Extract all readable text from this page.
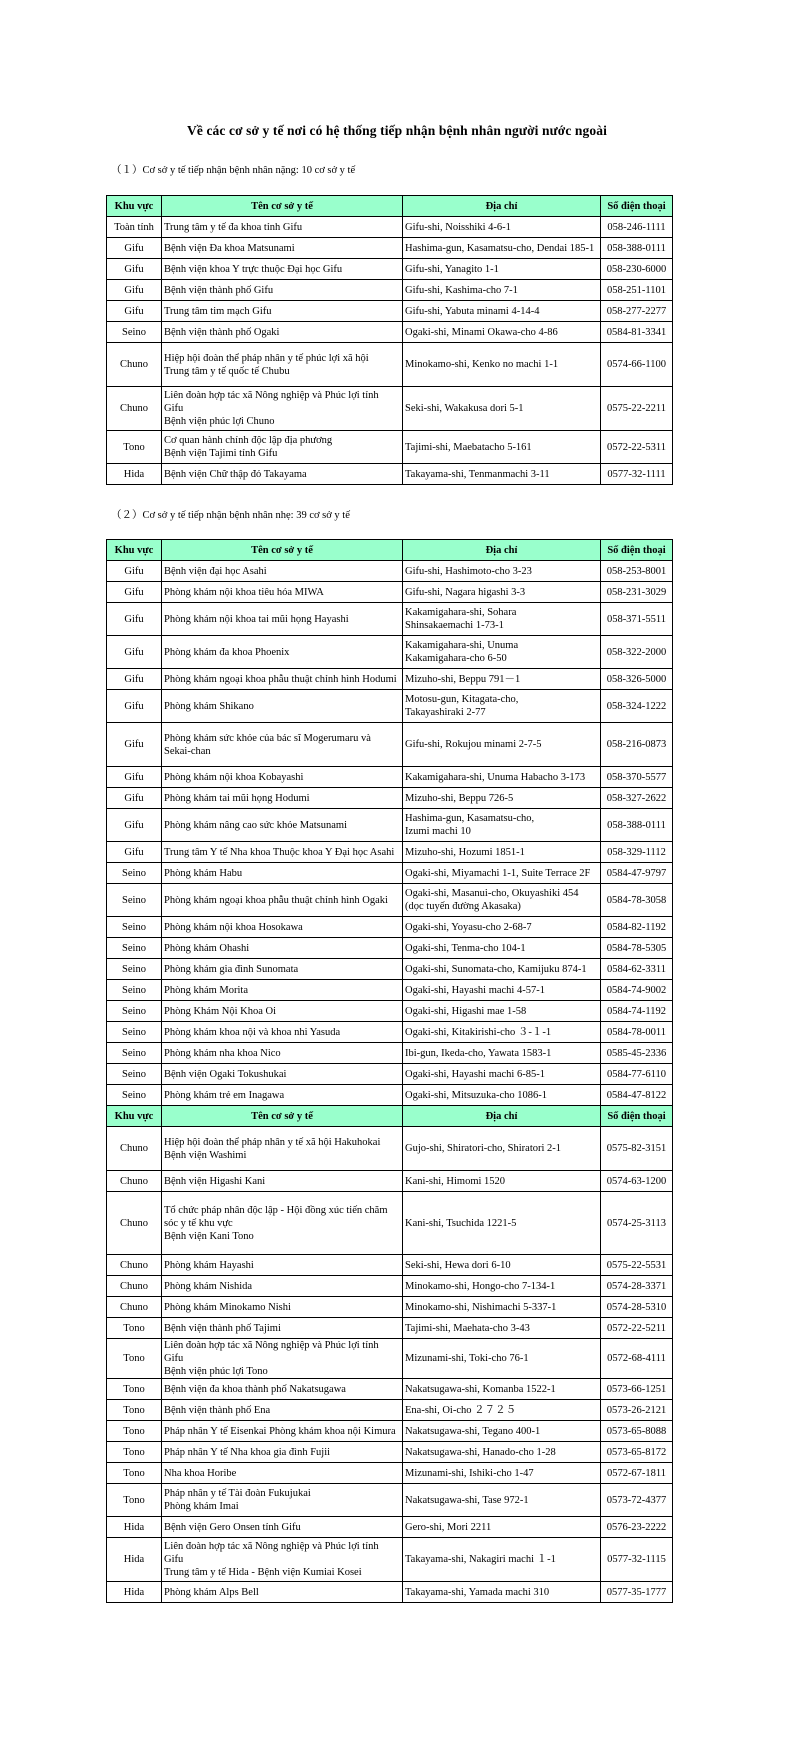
Về các cơ sở y tế nơi có hệ thống tiếp nhận bệnh nhân người nước ngoài
（１）Cơ sở y tế tiếp nhận bệnh nhân nặng: 10 cơ sở y tế
Khu vực	Tên cơ sở y tế	Địa chỉ	Số điện thoại
Toàn tỉnh	Trung tâm y tế đa khoa tỉnh Gifu	Gifu-shi, Noisshiki 4-6-1	058-246-1111
Gifu	Bệnh viện Đa khoa Matsunami	Hashima-gun, Kasamatsu-cho, Dendai 185-1	058-388-0111
Gifu	Bệnh viện khoa Y trực thuộc Đại học Gifu	Gifu-shi, Yanagito 1-1	058-230-6000
Gifu	Bệnh viện thành phố Gifu	Gifu-shi, Kashima-cho 7-1	058-251-1101
Gifu	Trung tâm tim mạch Gifu	Gifu-shi, Yabuta minami 4-14-4	058-277-2277
Seino	Bệnh viện thành phố Ogaki	Ogaki-shi, Minami Okawa-cho 4-86	0584-81-3341
Chuno	Hiệp hội đoàn thể pháp nhân y tế phúc lợi xã hội
Trung tâm y tế quốc tế Chubu	Minokamo-shi, Kenko no machi 1-1	0574-66-1100
Chuno	Liên đoàn hợp tác xã Nông nghiệp và Phúc lợi tỉnh Gifu
Bệnh viện phúc lợi Chuno	Seki-shi, Wakakusa dori 5-1	0575-22-2211
Tono	Cơ quan hành chính độc lập địa phương
Bệnh viện Tajimi tỉnh Gifu	Tajimi-shi, Maebatacho 5-161	0572-22-5311
Hida	Bệnh viện Chữ thập đỏ Takayama	Takayama-shi, Tenmanmachi 3-11	0577-32-1111
（２）Cơ sở y tế tiếp nhận bệnh nhân nhẹ: 39 cơ sở y tế
Khu vực	Tên cơ sở y tế	Địa chỉ	Số điện thoại
Gifu	Bệnh viện đại học Asahi	Gifu-shi, Hashimoto-cho 3-23	058-253-8001
Gifu	Phòng khám nội khoa tiêu hóa MIWA	Gifu-shi, Nagara higashi 3-3	058-231-3029
Gifu	Phòng khám nội khoa tai mũi họng Hayashi	Kakamigahara-shi, Sohara
Shinsakaemachi 1-73-1	058-371-5511
Gifu	Phòng khám đa khoa Phoenix	Kakamigahara-shi, Unuma
Kakamigahara-cho 6-50	058-322-2000
Gifu	Phòng khám ngoại khoa phẫu thuật chỉnh hình Hodumi	Mizuho-shi, Beppu 791－1	058-326-5000
Gifu	Phòng khám Shikano	Motosu-gun, Kitagata-cho,
Takayashiraki 2-77	058-324-1222
Gifu	Phòng khám sức khỏe của bác sĩ Mogerumaru và Sekai-chan	Gifu-shi, Rokujou minami 2-7-5	058-216-0873
Gifu	Phòng khám nội khoa Kobayashi	Kakamigahara-shi, Unuma Habacho 3-173	058-370-5577
Gifu	Phòng khám tai mũi họng Hodumi	Mizuho-shi, Beppu 726-5	058-327-2622
Gifu	Phòng khám nâng cao sức khỏe Matsunami	Hashima-gun, Kasamatsu-cho,
Izumi machi 10	058-388-0111
Gifu	Trung tâm Y tế Nha khoa Thuộc khoa Y Đại học Asahi	Mizuho-shi, Hozumi 1851-1	058-329-1112
Seino	Phòng khám Habu	Ogaki-shi, Miyamachi 1-1, Suite Terrace 2F	0584-47-9797
Seino	Phòng khám ngoại khoa phẫu thuật chỉnh hình Ogaki	Ogaki-shi, Masanui-cho, Okuyashiki 454
(dọc tuyến đường Akasaka)	0584-78-3058
Seino	Phòng khám nội khoa Hosokawa	Ogaki-shi, Yoyasu-cho 2-68-7	0584-82-1192
Seino	Phòng khám Ohashi	Ogaki-shi, Tenma-cho 104-1	0584-78-5305
Seino	Phòng khám gia đình Sunomata	Ogaki-shi, Sunomata-cho, Kamijuku 874-1	0584-62-3311
Seino	Phòng khám Morita	Ogaki-shi, Hayashi machi 4-57-1	0584-74-9002
Seino	Phòng Khám Nội Khoa Oi	Ogaki-shi, Higashi mae 1-58	0584-74-1192
Seino	Phòng khám khoa nội và khoa nhi Yasuda	Ogaki-shi, Kitakirishi-cho ３-１-1	0584-78-0011
Seino	Phòng khám nha khoa Nico	Ibi-gun, Ikeda-cho, Yawata 1583-1	0585-45-2336
Seino	Bệnh viện Ogaki Tokushukai	Ogaki-shi, Hayashi machi 6-85-1	0584-77-6110
Seino	Phòng khám trẻ em Inagawa	Ogaki-shi, Mitsuzuka-cho 1086-1	0584-47-8122
Khu vực	Tên cơ sở y tế	Địa chỉ	Số điện thoại
Chuno	Hiệp hội đoàn thể pháp nhân y tế xã hội Hakuhokai
Bệnh viện Washimi	Gujo-shi, Shiratori-cho, Shiratori 2-1	0575-82-3151
Chuno	Bệnh viện Higashi Kani	Kani-shi, Himomi 1520	0574-63-1200
Chuno	Tổ chức pháp nhân độc lập - Hội đồng xúc tiến chăm sóc y tế khu vực
Bệnh viện Kani Tono	Kani-shi, Tsuchida 1221-5	0574-25-3113
Chuno	Phòng khám Hayashi	Seki-shi, Hewa dori 6-10	0575-22-5531
Chuno	Phòng khám Nishida	Minokamo-shi, Hongo-cho 7-134-1	0574-28-3371
Chuno	Phòng khám Minokamo Nishi	Minokamo-shi, Nishimachi 5-337-1	0574-28-5310
Tono	Bệnh viện thành phố Tajimi	Tajimi-shi, Maehata-cho 3-43	0572-22-5211
Tono	Liên đoàn hợp tác xã Nông nghiệp và Phúc lợi tỉnh Gifu
Bệnh viện phúc lợi Tono	Mizunami-shi, Toki-cho 76-1	0572-68-4111
Tono	Bệnh viện đa khoa thành phố Nakatsugawa	Nakatsugawa-shi, Komanba 1522-1	0573-66-1251
Tono	Bệnh viện thành phố Ena	Ena-shi, Oi-cho ２７２５	0573-26-2121
Tono	Pháp nhân Y tế Eisenkai Phòng khám khoa nội Kimura	Nakatsugawa-shi, Tegano 400-1	0573-65-8088
Tono	Pháp nhân Y tế Nha khoa gia đình Fujii	Nakatsugawa-shi, Hanado-cho 1-28	0573-65-8172
Tono	Nha khoa Horibe	Mizunami-shi, Ishiki-cho 1-47	0572-67-1811
Tono	Pháp nhân y tế Tài đoàn Fukujukai
Phòng khám Imai	Nakatsugawa-shi, Tase 972-1	0573-72-4377
Hida	Bệnh viện Gero Onsen tỉnh Gifu	Gero-shi, Mori 2211	0576-23-2222
Hida	Liên đoàn hợp tác xã Nông nghiệp và Phúc lợi tỉnh Gifu
Trung tâm y tế Hida - Bệnh viện Kumiai Kosei	Takayama-shi, Nakagiri machi １-1	0577-32-1115
Hida	Phòng khám Alps Bell	Takayama-shi, Yamada machi 310	0577-35-1777
